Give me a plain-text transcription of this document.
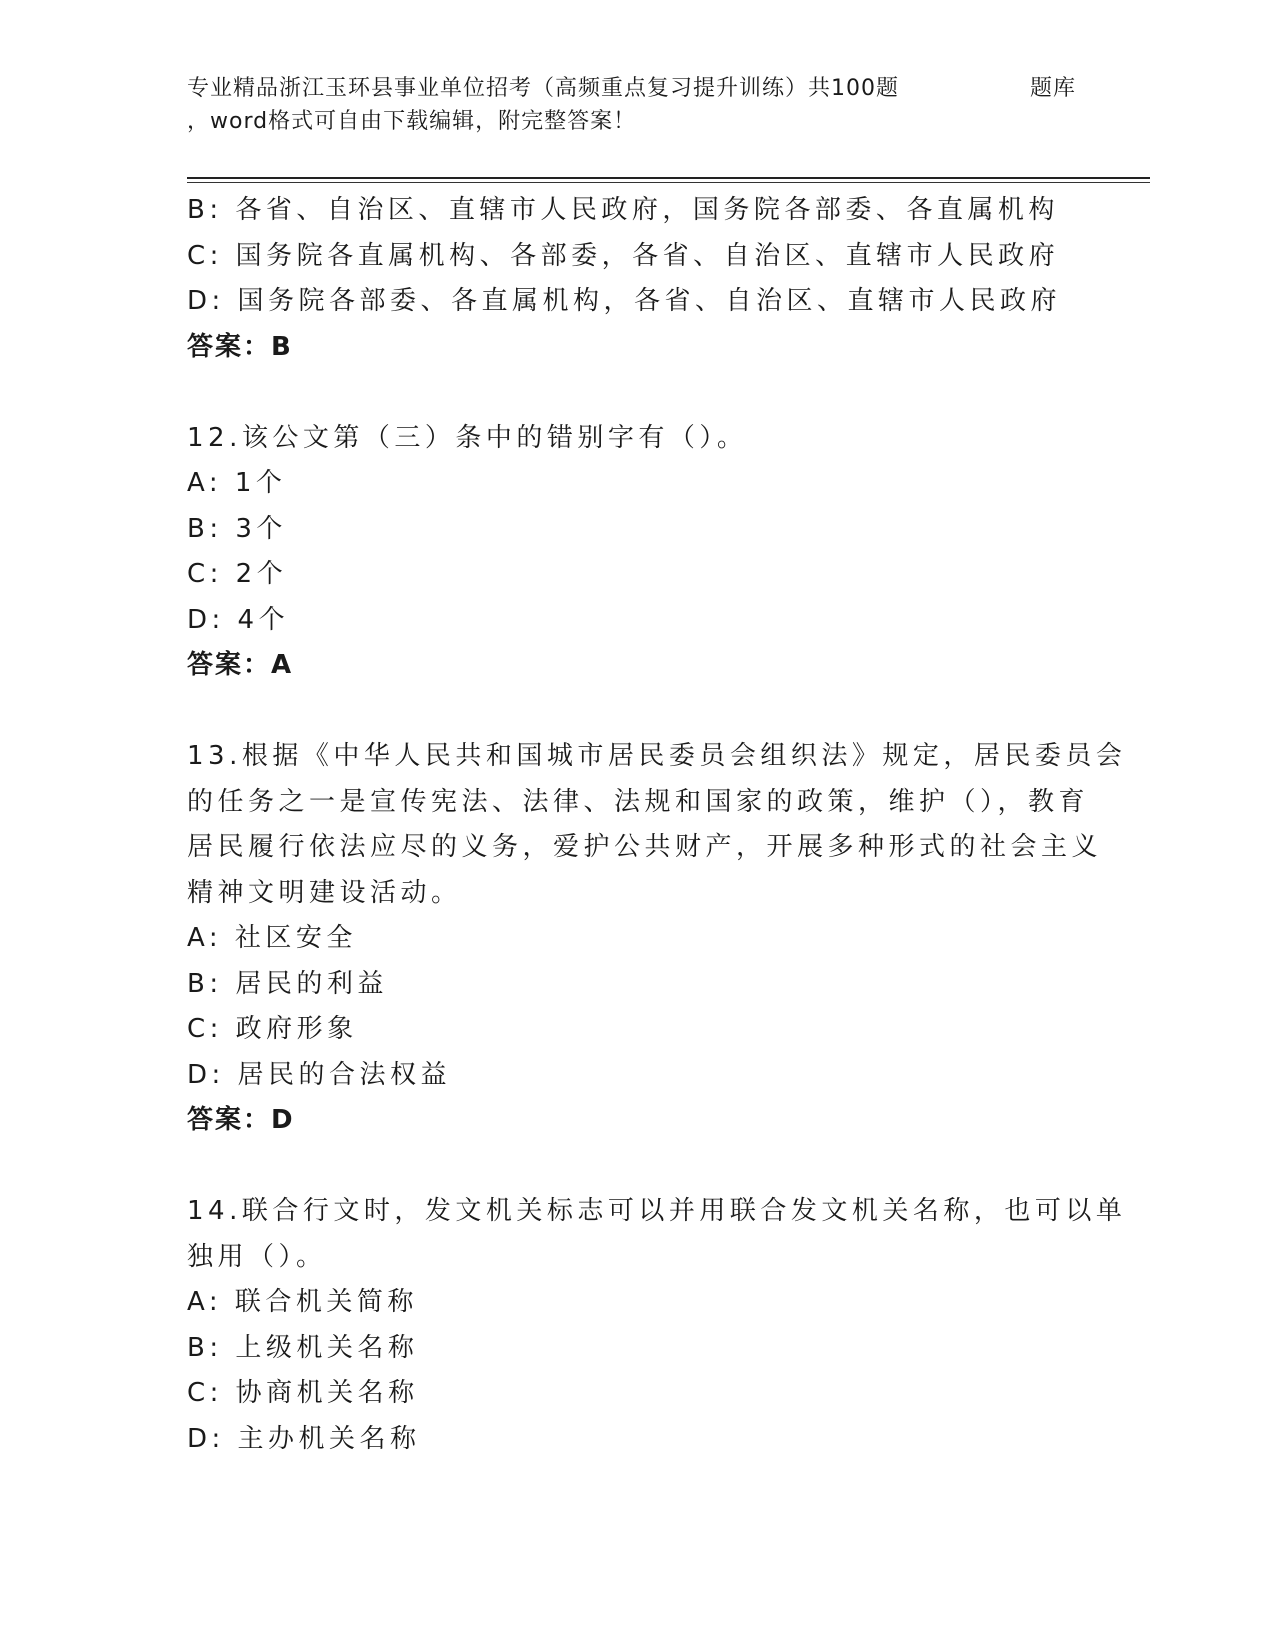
专业精品浙江玉环县事业单位招考（高频重点复习提升训练）共100题	题库
，word格式可自由下载编辑，附完整答案！
B: 各省、自治区、直辖市人民政府，国务院各部委、各直属机构
C: 国务院各直属机构、各部委，各省、自治区、直辖市人民政府
D: 国务院各部委、各直属机构，各省、自治区、直辖市人民政府
答案：B
12.该公文第（三）条中的错别字有（）。
A: 1个
B: 3个
C: 2个
D: 4个
答案：A
13.根据《中华人民共和国城市居民委员会组织法》规定，居民委员会
的任务之一是宣传宪法、法律、法规和国家的政策，维护（），教育
居民履行依法应尽的义务，爱护公共财产，开展多种形式的社会主义
精神文明建设活动。
A: 社区安全
B: 居民的利益
C: 政府形象
D: 居民的合法权益
答案：D
14.联合行文时，发文机关标志可以并用联合发文机关名称，也可以单
独用（）。
A: 联合机关简称
B: 上级机关名称
C: 协商机关名称
D: 主办机关名称
